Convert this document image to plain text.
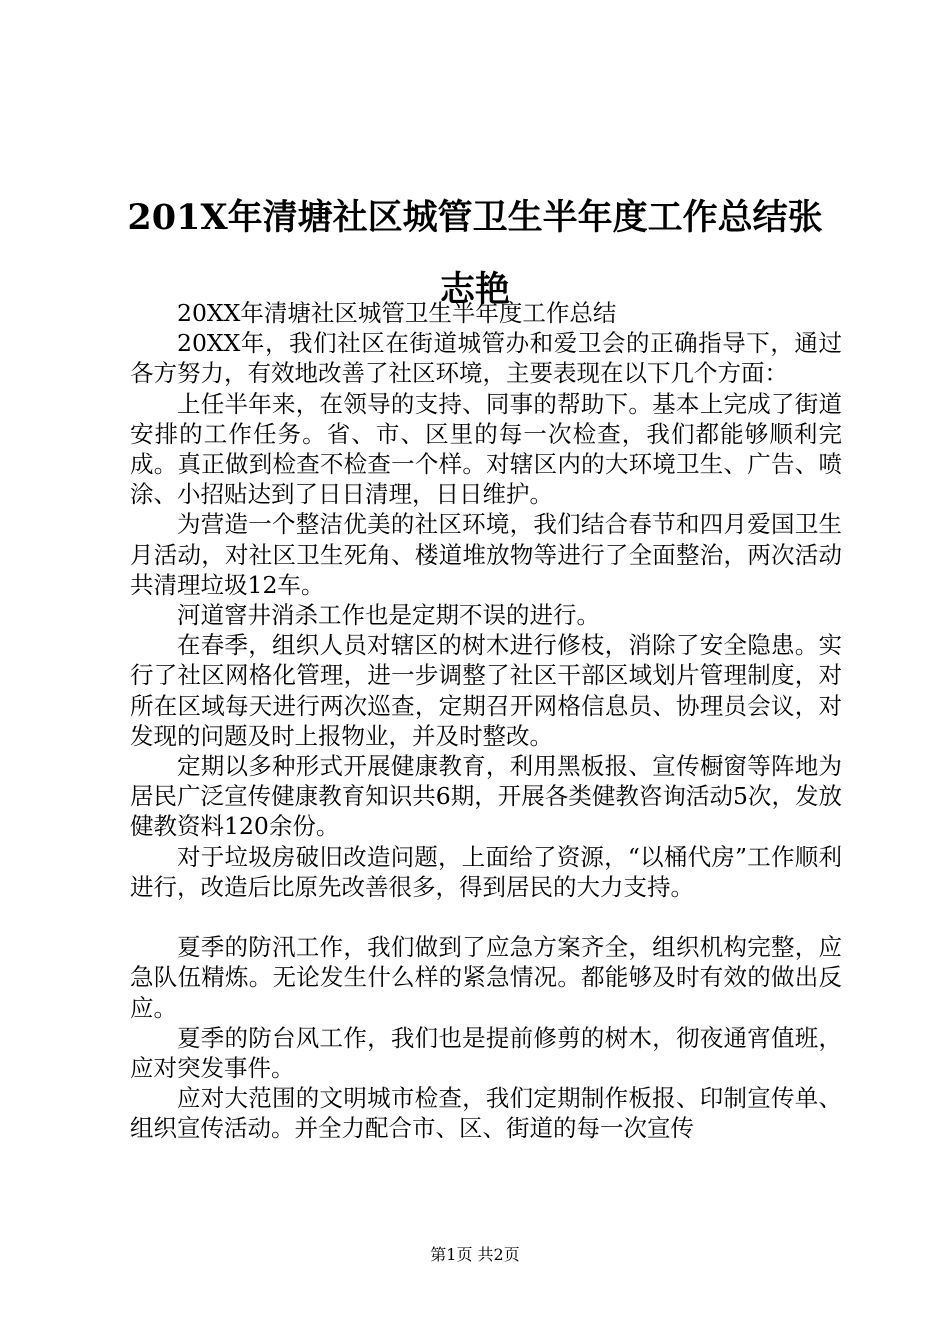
201X年清塘社区城管卫生半年度工作总结张志艳

20XX年清塘社区城管卫生半年度工作总结

20XX年，我们社区在街道城管办和爱卫会的正确指导下，通过各方努力，有效地改善了社区环境，主要表现在以下几个方面：

上任半年来，在领导的支持、同事的帮助下。基本上完成了街道安排的工作任务。省、市、区里的每一次检查，我们都能够顺利完成。真正做到检查不检查一个样。对辖区内的大环境卫生、广告、喷涂、小招贴达到了日日清理，日日维护。

为营造一个整洁优美的社区环境，我们结合春节和四月爱国卫生月活动，对社区卫生死角、楼道堆放物等进行了全面整治，两次活动共清理垃圾12车。

河道窨井消杀工作也是定期不误的进行。

在春季，组织人员对辖区的树木进行修枝，消除了安全隐患。实行了社区网格化管理，进一步调整了社区干部区域划片管理制度，对所在区域每天进行两次巡查，定期召开网格信息员、协理员会议，对发现的问题及时上报物业，并及时整改。

定期以多种形式开展健康教育，利用黑板报、宣传橱窗等阵地为居民广泛宣传健康教育知识共6期，开展各类健教咨询活动5次，发放健教资料120余份。

对于垃圾房破旧改造问题，上面给了资源，“以桶代房”工作顺利进行，改造后比原先改善很多，得到居民的大力支持。

夏季的防汛工作，我们做到了应急方案齐全，组织机构完整，应急队伍精炼。无论发生什么样的紧急情况。都能够及时有效的做出反应。

夏季的防台风工作，我们也是提前修剪的树木，彻夜通宵值班，应对突发事件。

应对大范围的文明城市检查，我们定期制作板报、印制宣传单、组织宣传活动。并全力配合市、区、街道的每一次宣传

第1页 共2页
